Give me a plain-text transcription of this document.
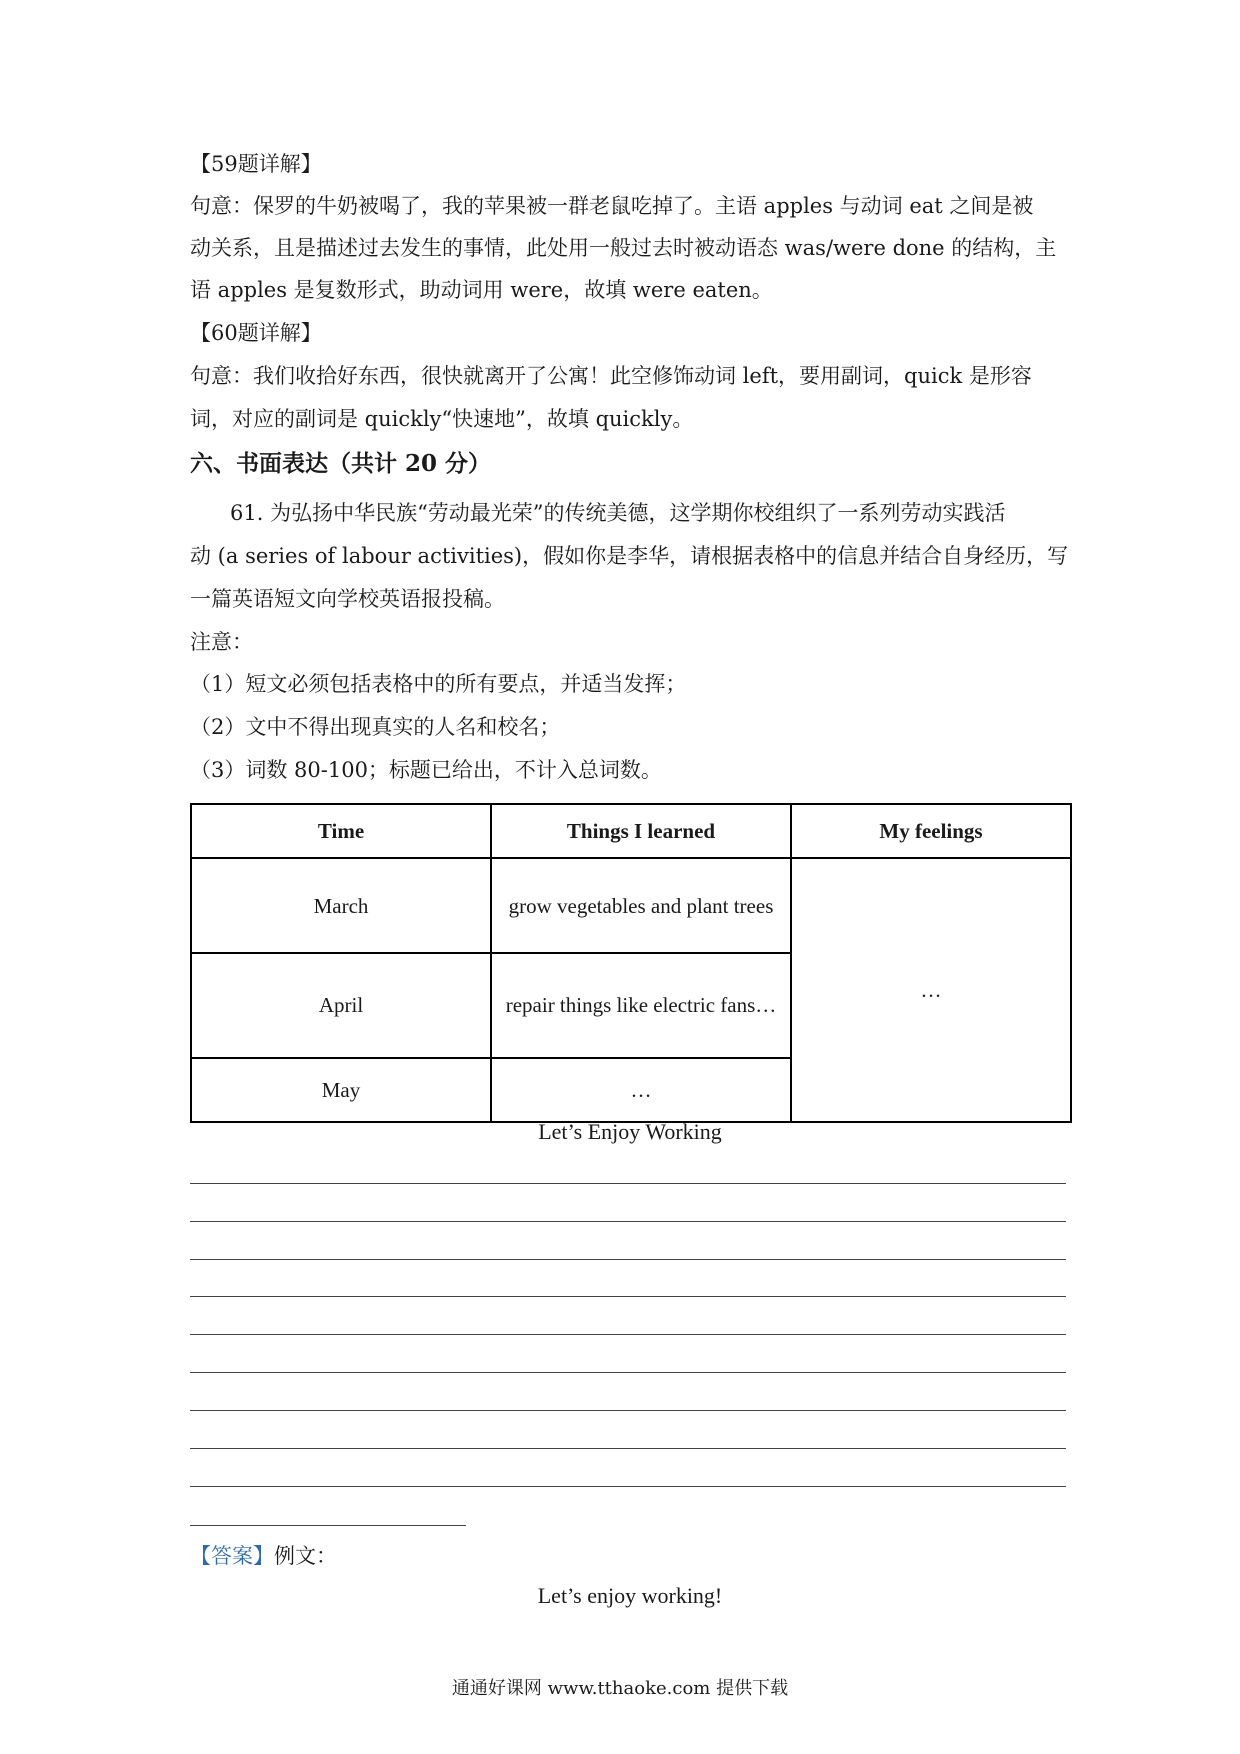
【59题详解】
句意：保罗的牛奶被喝了，我的苹果被一群老鼠吃掉了。主语 apples 与动词 eat 之间是被
动关系，且是描述过去发生的事情，此处用一般过去时被动语态 was/were done 的结构，主
语 apples 是复数形式，助动词用 were，故填 were eaten。
【60题详解】
句意：我们收拾好东西，很快就离开了公寓！此空修饰动词 left，要用副词，quick 是形容
词，对应的副词是 quickly“快速地”，故填 quickly。
六、书面表达（共计 20 分）
61. 为弘扬中华民族“劳动最光荣”的传统美德，这学期你校组织了一系列劳动实践活
动 (a series of labour activities)，假如你是李华，请根据表格中的信息并结合自身经历，写
一篇英语短文向学校英语报投稿。
注意：
（1）短文必须包括表格中的所有要点，并适当发挥；
（2）文中不得出现真实的人名和校名；
（3）词数 80-100；标题已给出，不计入总词数。
Time	Things I learned	My feelings
March	grow vegetables and plant trees	…
April	repair things like electric fans…	
May	…	
Let’s Enjoy Working
【答案】例文：
Let’s enjoy working!
通通好课网 www.tthaoke.com 提供下载
